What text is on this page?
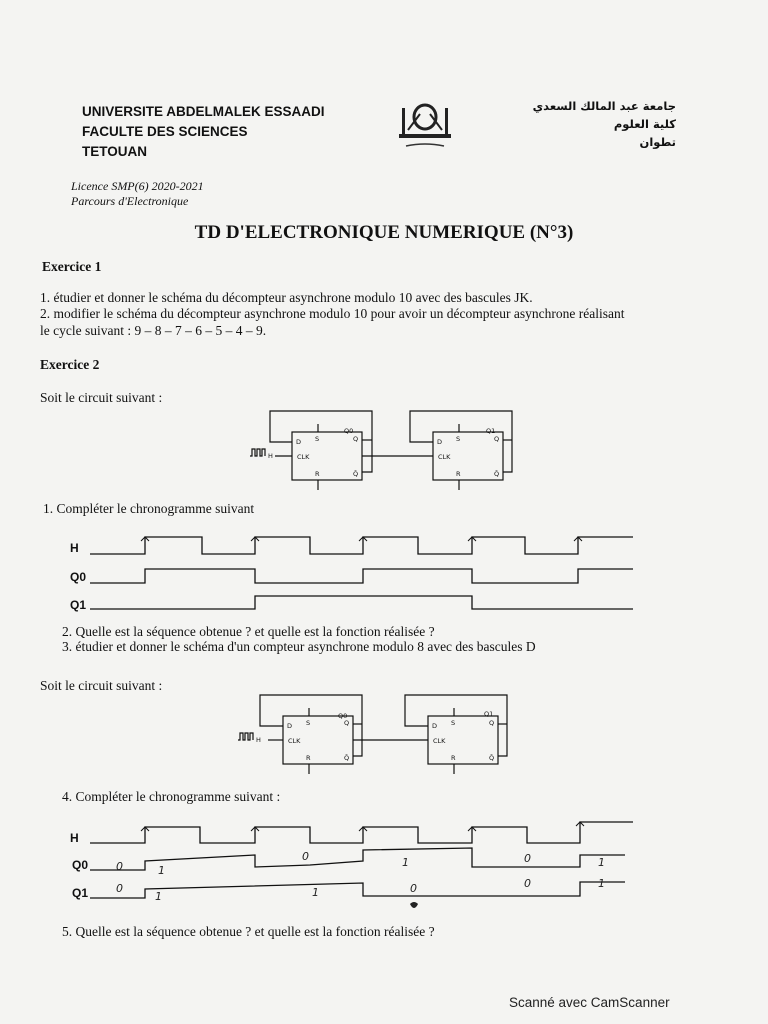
UNIVERSITE ABDELMALEK ESSAADI
FACULTE DES SCIENCES
TETOUAN
جامعة عبد المالك السعدي
كلية العلوم
تطوان
Licence SMP(6) 2020-2021
Parcours d'Electronique
TD D'ELECTRONIQUE NUMERIQUE (N°3)
Exercice 1
1. étudier et donner le schéma du décompteur asynchrone modulo 10 avec des bascules JK.
2. modifier le schéma du décompteur asynchrone modulo 10 pour avoir un décompteur asynchrone réalisant
le cycle suivant : 9 – 8 – 7 – 6 – 5 – 4 – 9.
Exercice 2
Soit le circuit suivant :
D S
CLK
R
Q
Q̄
H
Q0
D S
CLK
R
Q
Q̄
Q1
1. Compléter le chronogramme suivant
H
Q0
Q1
2. Quelle est la séquence obtenue ? et quelle est la fonction réalisée ?
3. étudier et donner le schéma d'un compteur asynchrone modulo 8 avec des bascules D
Soit le circuit suivant :
D S
CLK
R
Q
Q̄
H
Q0
D S
CLK
R
Q
Q̄
Q1
4. Compléter le chronogramme suivant :
H
Q0
Q1
0	1
0	1	0	1
0
1	1	0	0	1
5. Quelle est la séquence obtenue ? et quelle est la fonction réalisée ?
Scanné avec CamScanner
